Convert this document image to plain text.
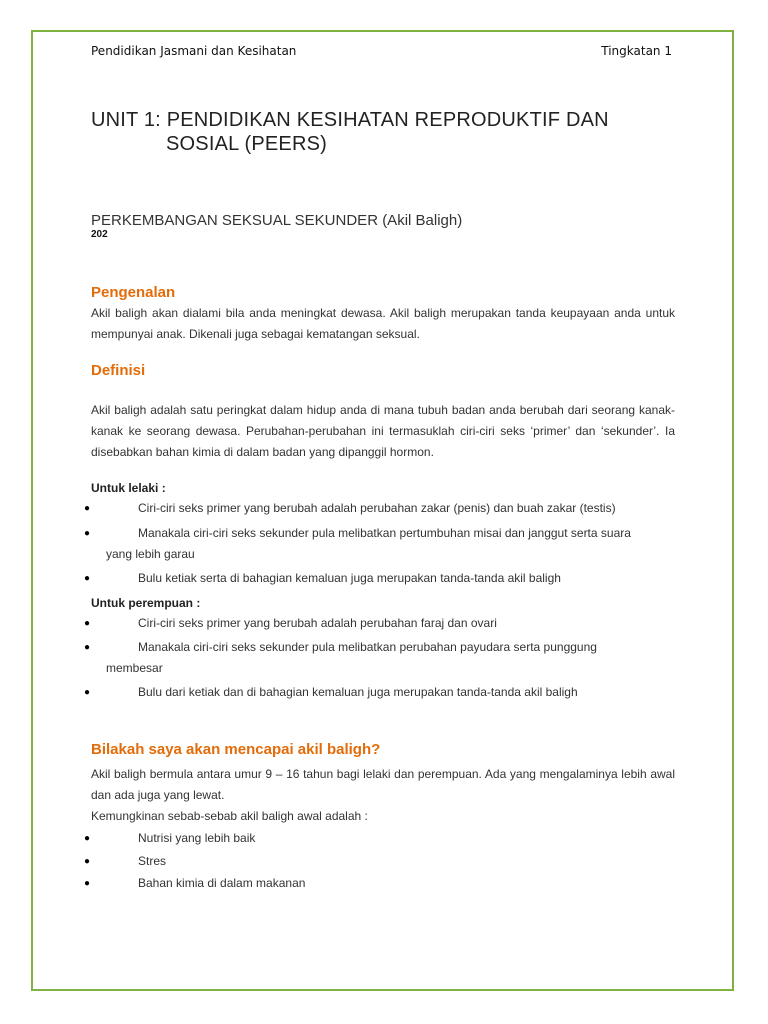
Pendidikan Jasmani dan Kesihatan	Tingkatan 1
UNIT 1: PENDIDIKAN KESIHATAN REPRODUKTIF DAN
SOSIAL (PEERS)
PERKEMBANGAN SEKSUAL SEKUNDER (Akil Baligh)
202
Pengenalan

Akil baligh akan dialami bila anda meningkat dewasa. Akil baligh merupakan tanda keupayaan anda untuk mempunyai anak. Dikenali juga sebagai kematangan seksual.

Definisi

Akil baligh adalah satu peringkat dalam hidup anda di mana tubuh badan anda berubah dari seorang kanak-kanak ke seorang dewasa. Perubahan-perubahan ini termasuklah ciri-ciri seks ‘primer’ dan ‘sekunder’. Ia disebabkan bahan kimia di dalam badan yang dipanggil hormon.

Untuk lelaki :
●	Ciri-ciri seks primer yang berubah adalah perubahan zakar (penis) dan buah zakar (testis)
●	Manakala ciri-ciri seks sekunder pula melibatkan pertumbuhan misai dan janggut serta suara yang lebih garau
●	Bulu ketiak serta di bahagian kemaluan juga merupakan tanda-tanda akil baligh
Untuk perempuan :
●	Ciri-ciri seks primer yang berubah adalah perubahan faraj dan ovari
●	Manakala ciri-ciri seks sekunder pula melibatkan perubahan payudara serta punggung membesar
●	Bulu dari ketiak dan di bahagian kemaluan juga merupakan tanda-tanda akil baligh
Bilakah saya akan mencapai akil baligh?

Akil baligh bermula antara umur 9 – 16 tahun bagi lelaki dan perempuan. Ada yang mengalaminya lebih awal dan ada juga yang lewat.

Kemungkinan sebab-sebab akil baligh awal adalah :

●	Nutrisi yang lebih baik
●	Stres
●	Bahan kimia di dalam makanan
